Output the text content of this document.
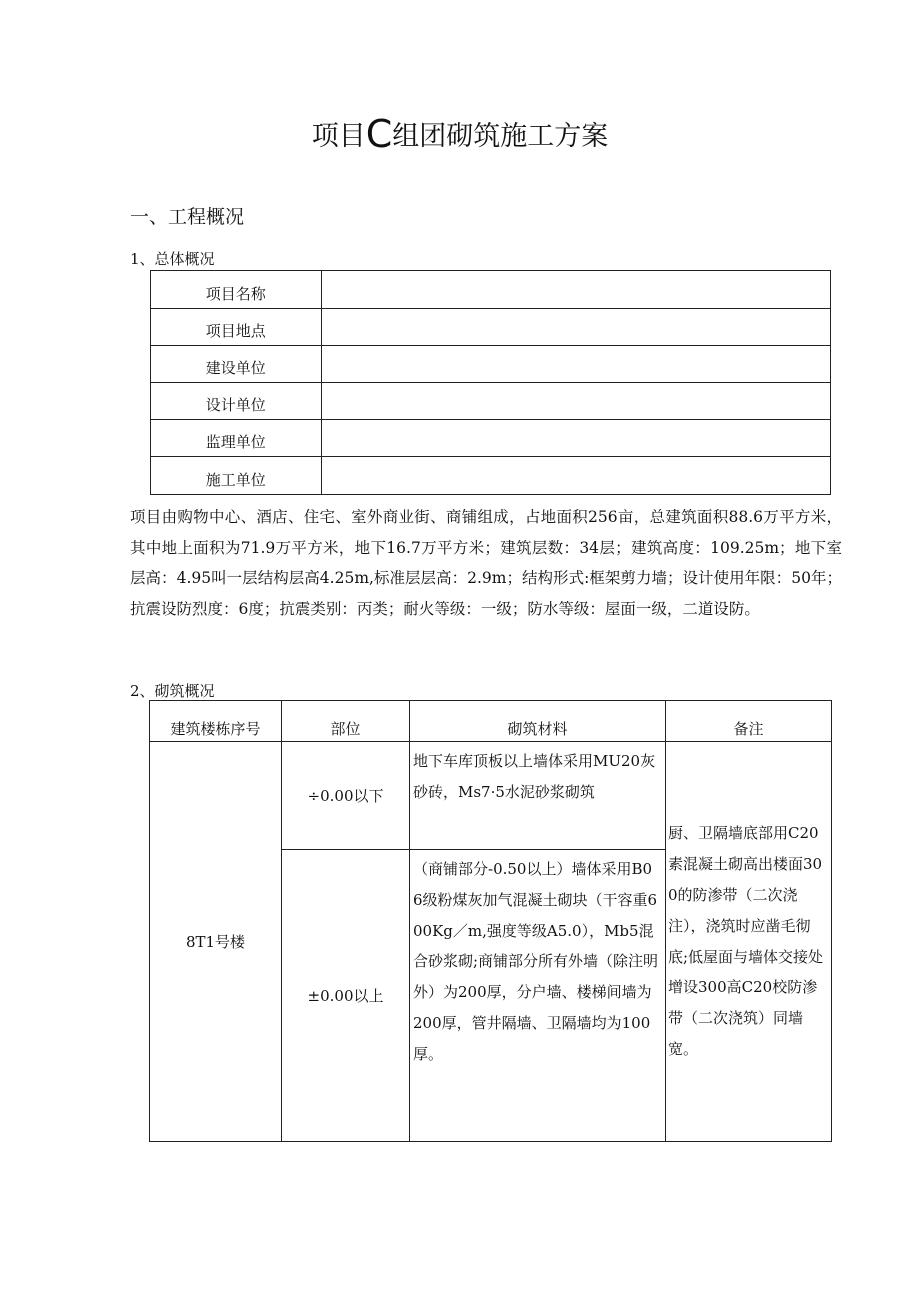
项目C组团砌筑施工方案
一、工程概况
1、总体概况
项目名称	
项目地点	
建设单位	
设计单位	
监理单位	
施工单位	
项目由购物中心、酒店、住宅、室外商业街、商铺组成，占地面积256亩，总建筑面积88.6万平方米，其中地上面积为71.9万平方米，地下16.7万平方米；建筑层数：34层；建筑高度：109.25m；地下室层高：4.95叫一层结构层高4.25m,标准层层高：2.9m；结构形式:框架剪力墙；设计使用年限：50年；抗震设防烈度：6度；抗震类别：丙类；耐火等级：一级；防水等级：屋面一级，二道设防。
2、砌筑概况
建筑楼栋序号	部位	砌筑材料	备注
8T1号楼	÷0.00以下	地下车库顶板以上墙体采用MU20灰砂砖，Ms7·5水泥砂浆砌筑	厨、卫隔墙底部用C20素混凝土砌高出楼面300的防渗带（二次浇注），浇筑时应凿毛彻底;低屋面与墙体交接处增设300高C20校防渗带（二次浇筑）同墙宽。
	±0.00以上	（商铺部分-0.50以上）墙体采用B06级粉煤灰加气混凝土砌块（干容重600Kg／m,强度等级A5.0），Mb5混合砂浆砌;商铺部分所有外墙（除注明外）为200厚，分户墙、楼梯间墙为200厚，管井隔墙、卫隔墙均为100厚。	
